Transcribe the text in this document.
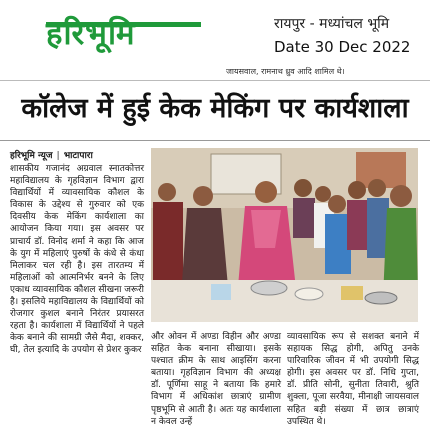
हरिभूमि	रायपुर - मध्यांचल भूमि
Date 30 Dec 2022
जायसवाल, रामनाथ ध्रुव आदि शामिल थे।
कॉलेज में हुई केक मेकिंग पर कार्यशाला
हरिभूमि न्यूज | भाटापारा
शासकीय गजानंद अग्रवाल स्नातकोत्तर महाविद्यालय के गृहविज्ञान विभाग द्वारा विद्यार्थियों में व्यावसायिक कौशल के विकास के उद्देश्य से गुरुवार को एक दिवसीय केक मेकिंग कार्यशाला का आयोजन किया गया। इस अवसर पर प्राचार्य डॉ. विनोद शर्मा ने कहा कि आज के युग में महिलाएं पुरुषों के कंधे से कंधा मिलाकर चल रही है। इस तारतम्य में महिलाओं को आत्मनिर्भर बनने के लिए एकाध व्यावसायिक कौशल सीखना जरूरी है। इसलिये महाविद्यालय के विद्यार्थियों को रोजगार कुशल बनाने निरंतर प्रयासरत रहता है। कार्यशाला में विद्यार्थियों ने पहले केक बनाने की सामग्री जैसे मैदा, शक्कर, घी, तेल इत्यादि के उपयोग से प्रेशर कुकर
और ओवन में अण्डा विहीन और अण्डा सहित केक बनाना सीखाया। इसके पश्चात क्रीम के साथ आइसिंग करना बताया। गृहविज्ञान विभाग की अध्यक्ष डॉ. पूर्णिमा साहू ने बताया कि हमारे विभाग में अधिकांश छात्राएं ग्रामीण पृष्ठभूमि से आती है। अतः यह कार्यशाला न केवल उन्हें
व्यावसायिक रूप से सशक्त बनाने में सहायक सिद्ध होगी, अपितु उनके पारिवारिक जीवन में भी उपयोगी सिद्ध होगी। इस अवसर पर डॉ. निधि गुप्ता, डॉ. प्रीति सोनी, सुनीता तिवारी, श्रुति शुक्ला, पूजा सरवैया, मीनाक्षी जायसवाल सहित बड़ी संख्या में छात्र छात्राएं उपस्थित थे।
